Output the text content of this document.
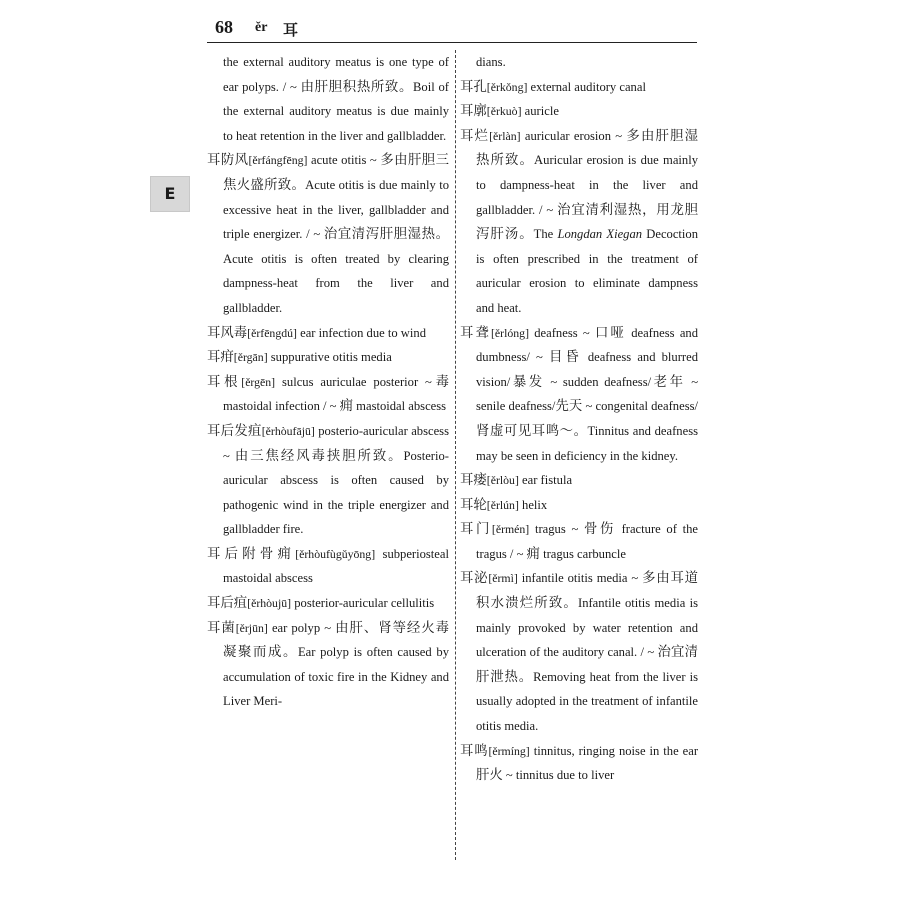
68 ěr 耳
E
the external auditory meatus is one type of ear polyps. / ~ 由肝胆积热所致。Boil of the external auditory meatus is due mainly to heat retention in the liver and gallbladder.
耳防风[ěrfángfēng] acute otitis ~ 多由肝胆三焦火盛所致。Acute otitis is due mainly to excessive heat in the liver, gallbladder and triple energizer. / ~ 治宜清泻肝胆湿热。Acute otitis is often treated by clearing dampness-heat from the liver and gallbladder.
耳风毒[ěrfēngdú] ear infection due to wind
耳疳[ěrgān] suppurative otitis media
耳根[ěrgēn] sulcus auriculae posterior ~毒 mastoidal infection / ~ 痈 mastoidal abscess
耳后发疽[ěrhòufājū] posterio-auricular abscess ~ 由三焦经风毒挟胆所致。Posterio-auricular abscess is often caused by pathogenic wind in the triple energizer and gallbladder fire.
耳后附骨痈[ěrhòufùgǔyōng] subperiosteal mastoidal abscess
耳后疽[ěrhòujū] posterior-auricular cellulitis
耳菌[ěrjūn] ear polyp ~ 由肝、肾等经火毒凝聚而成。Ear polyp is often caused by accumulation of toxic fire in the Kidney and Liver Meri-
dians.
耳孔[ěrkǒng] external auditory canal
耳廓[ěrkuò] auricle
耳烂[ěrlàn] auricular erosion ~ 多由肝胆湿热所致。Auricular erosion is due mainly to dampness-heat in the liver and gallbladder. / ~ 治宜清利湿热，用龙胆泻肝汤。The Longdan Xiegan Decoction is often prescribed in the treatment of auricular erosion to eliminate dampness and heat.
耳聋[ěrlóng] deafness ~ 口哑 deafness and dumbness/ ~ 目昏 deafness and blurred vision/暴发 ~ sudden deafness/老年 ~ senile deafness/先天 ~ congenital deafness/肾虚可见耳鸣～。Tinnitus and deafness may be seen in deficiency in the kidney.
耳瘘[ěrlòu] ear fistula
耳轮[ěrlún] helix
耳门[ěrmén] tragus ~ 骨伤 fracture of the tragus / ~ 痈 tragus carbuncle
耳泌[ěrmì] infantile otitis media ~ 多由耳道积水溃烂所致。Infantile otitis media is mainly provoked by water retention and ulceration of the auditory canal. / ~ 治宜清肝泄热。Removing heat from the liver is usually adopted in the treatment of infantile otitis media.
耳鸣[ěrmíng] tinnitus, ringing noise in the ear 肝火 ~ tinnitus due to liver
